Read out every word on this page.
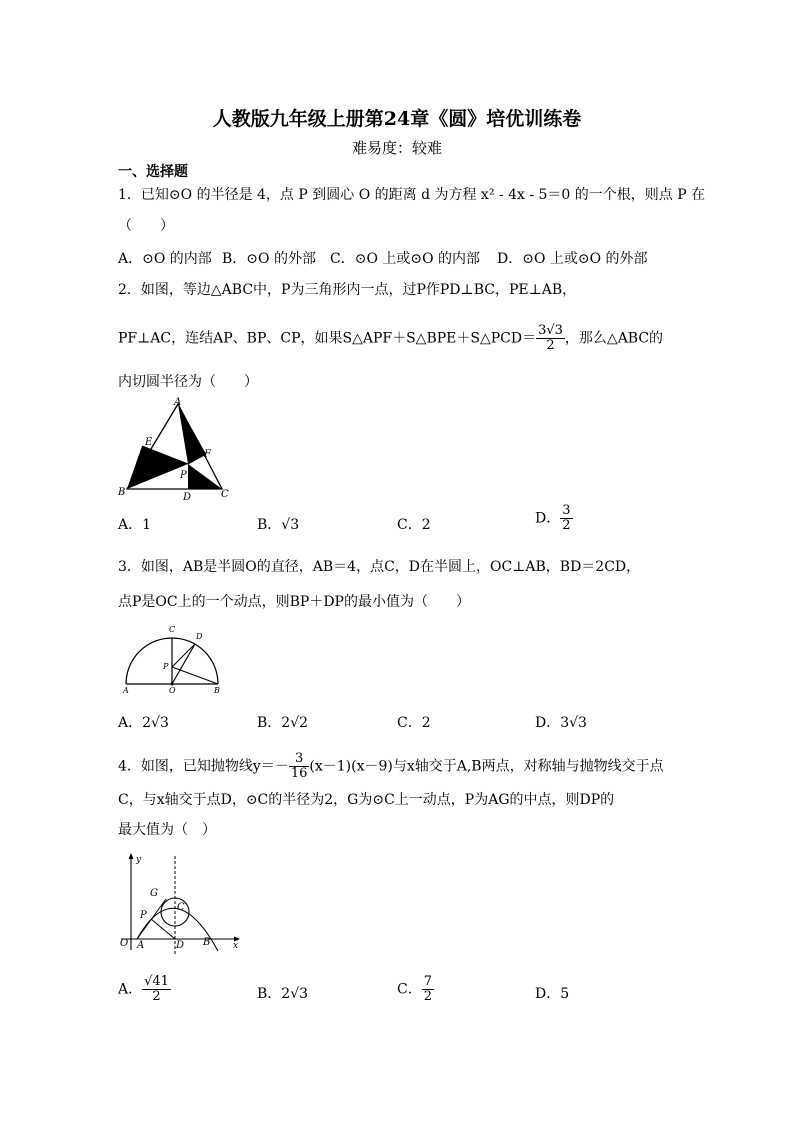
人教版九年级上册第24章《圆》培优训练卷
难易度：较难
一、选择题
1．已知⊙O 的半径是 4，点 P 到圆心 O 的距离 d 为方程 x² - 4x - 5＝0 的一个根，则点 P 在
（　　）
A．⊙O 的内部 B．⊙O 的外部 C．⊙O 上或⊙O 的内部 D．⊙O 上或⊙O 的外部
2．如图，等边△ABC中，P为三角形内一点，过P作PD⊥BC，PE⊥AB，
PF⊥AC，连结AP、BP、CP，如果S△APF＋S△BPE＋S△PCD＝ $\frac{3√3}{2}$ ，那么△ABC的
内切圆半径为（　　）
A
E
F
P
B	D	C
A．1	B．√3	C．2	D． $\frac{3}{2}$
3．如图，AB是半圆O的直径，AB＝4，点C，D在半圆上，OC⊥AB，BD＝2CD，
点P是OC上的一个动点，则BP＋DP的最小值为（　　）
C
D
P
A	O	B
A．2√3	B．2√2	C．2	D．3√3
4．如图，已知抛物线$y=- \frac{3}{16} (x-1)(x-9)$与x轴交于A,B两点，对称轴与抛物线交于点
C，与x轴交于点D，⊙C的半径为2，G为⊙C上一动点，P为AG的中点，则DP的
最大值为（　）
y
G
C
P
O A	D B	x
A． $\frac{√41}{2}$	B．2√3	C． $\frac{7}{2}$	D．5
